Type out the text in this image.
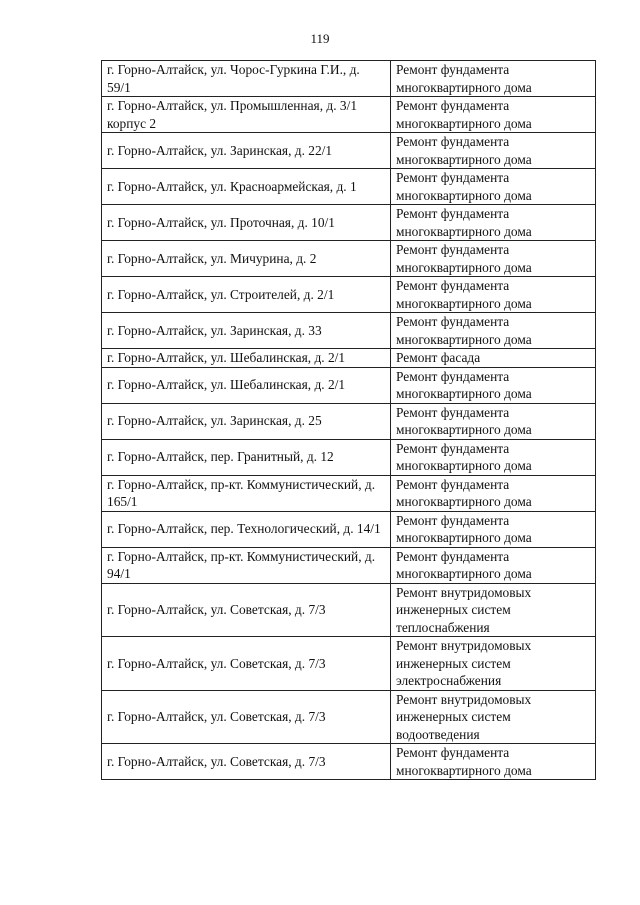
119
г. Горно-Алтайск, ул. Чорос-Гуркина Г.И., д. 59/1	Ремонт фундамента многоквартирного дома
г. Горно-Алтайск, ул. Промышленная, д. 3/1 корпус 2	Ремонт фундамента многоквартирного дома
г. Горно-Алтайск, ул. Заринская, д. 22/1	Ремонт фундамента многоквартирного дома
г. Горно-Алтайск, ул. Красноармейская, д. 1	Ремонт фундамента многоквартирного дома
г. Горно-Алтайск, ул. Проточная, д. 10/1	Ремонт фундамента многоквартирного дома
г. Горно-Алтайск, ул. Мичурина, д. 2	Ремонт фундамента многоквартирного дома
г. Горно-Алтайск, ул. Строителей, д. 2/1	Ремонт фундамента многоквартирного дома
г. Горно-Алтайск, ул. Заринская, д. 33	Ремонт фундамента многоквартирного дома
г. Горно-Алтайск, ул. Шебалинская, д. 2/1	Ремонт фасада
г. Горно-Алтайск, ул. Шебалинская, д. 2/1	Ремонт фундамента многоквартирного дома
г. Горно-Алтайск, ул. Заринская, д. 25	Ремонт фундамента многоквартирного дома
г. Горно-Алтайск, пер. Гранитный, д. 12	Ремонт фундамента многоквартирного дома
г. Горно-Алтайск, пр-кт. Коммунистический, д. 165/1	Ремонт фундамента многоквартирного дома
г. Горно-Алтайск, пер. Технологический, д. 14/1	Ремонт фундамента многоквартирного дома
г. Горно-Алтайск, пр-кт. Коммунистический, д. 94/1	Ремонт фундамента многоквартирного дома
г. Горно-Алтайск, ул. Советская, д. 7/3	Ремонт внутридомовых инженерных систем теплоснабжения
г. Горно-Алтайск, ул. Советская, д. 7/3	Ремонт внутридомовых инженерных систем электроснабжения
г. Горно-Алтайск, ул. Советская, д. 7/3	Ремонт внутридомовых инженерных систем водоотведения
г. Горно-Алтайск, ул. Советская, д. 7/3	Ремонт фундамента многоквартирного дома
